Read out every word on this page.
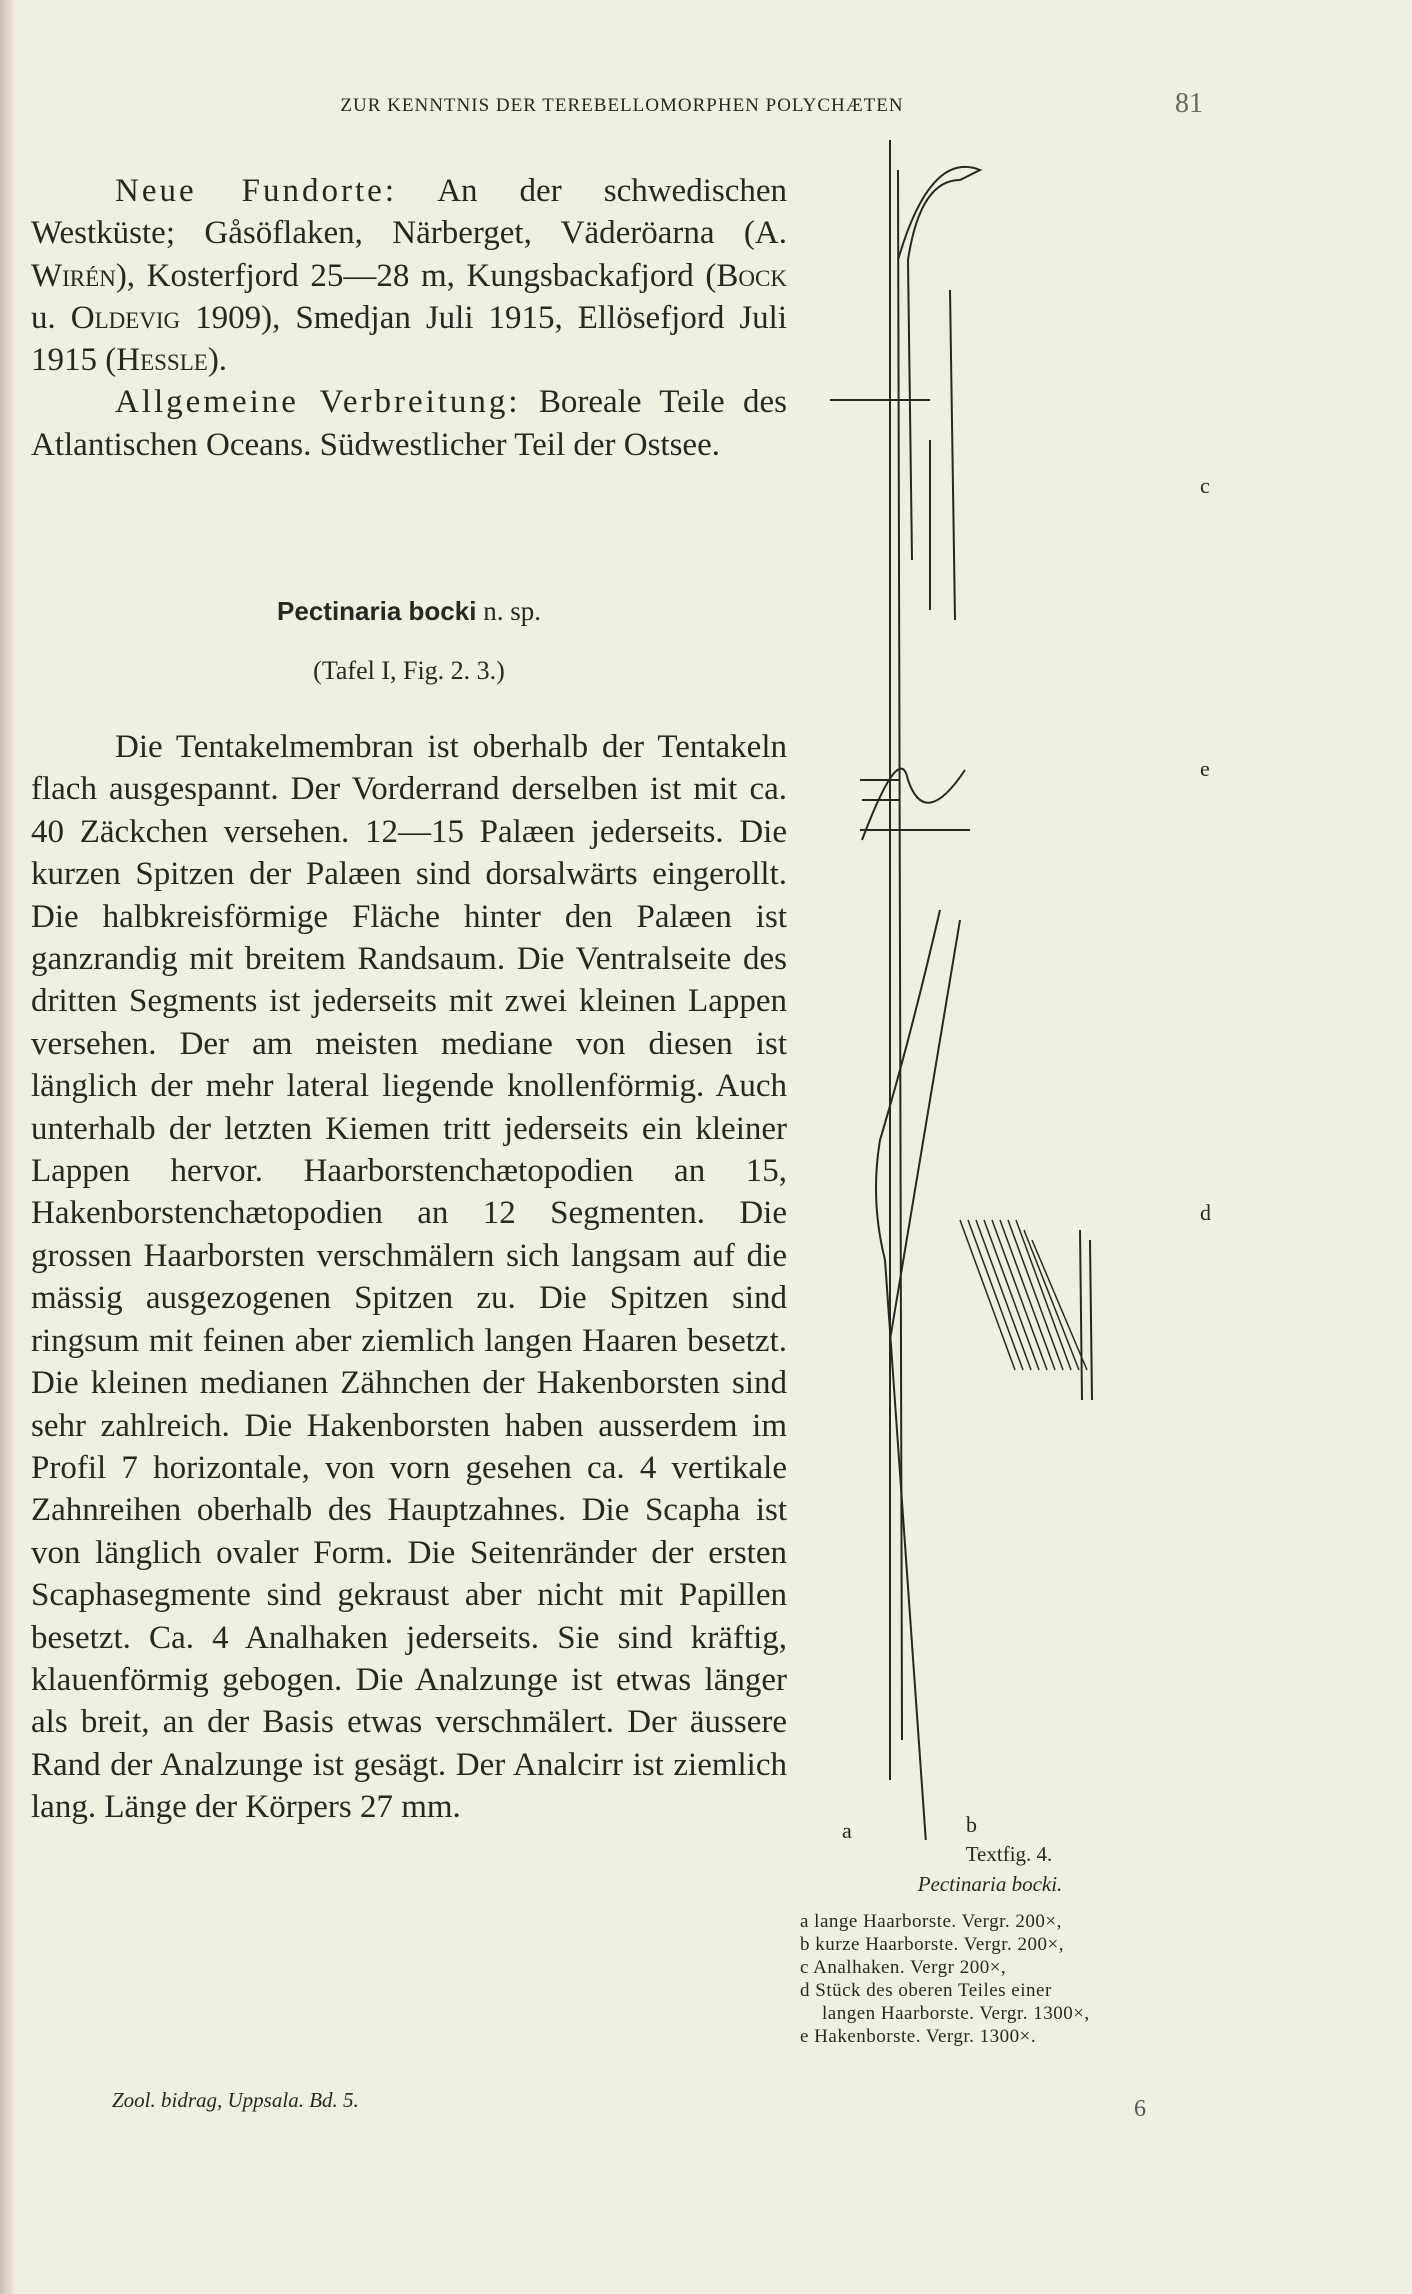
ZUR KENNTNIS DER TEREBELLOMORPHEN POLYCHÆTEN	81

Neue Fundorte: An der schwedischen Westküste; Gåsöflaken, Närberget, Väderöarna (A. Wirén), Kosterfjord 25—28 m, Kungsbackafjord (Bock u. Oldevig 1909), Smedjan Juli 1915, Ellösefjord Juli 1915 (Hessle).

Allgemeine Verbreitung: Boreale Teile des Atlantischen Oceans. Südwestlicher Teil der Ostsee.

Pectinaria bocki n. sp.
(Tafel I, Fig. 2. 3.)

Die Tentakelmembran ist oberhalb der Tentakeln flach ausgespannt. Der Vorderrand derselben ist mit ca. 40 Zäckchen versehen. 12—15 Palæen jederseits. Die kurzen Spitzen der Palæen sind dorsalwärts eingerollt. Die halbkreisförmige Fläche hinter den Palæen ist ganzrandig mit breitem Randsaum. Die Ventralseite des dritten Segments ist jederseits mit zwei kleinen Lappen versehen. Der am meisten mediane von diesen ist länglich der mehr lateral liegende knollenförmig. Auch unterhalb der letzten Kiemen tritt jederseits ein kleiner Lappen hervor. Haarborstenchætopodien an 15, Hakenborstenchætopodien an 12 Segmenten. Die grossen Haarborsten verschmälern sich langsam auf die mässig ausgezogenen Spitzen zu. Die Spitzen sind ringsum mit feinen aber ziemlich langen Haaren besetzt. Die kleinen medianen Zähnchen der Hakenborsten sind sehr zahlreich. Die Hakenborsten haben ausserdem im Profil 7 horizontale, von vorn gesehen ca. 4 vertikale Zahnreihen oberhalb des Hauptzahnes. Die Scapha ist von länglich ovaler Form. Die Seitenränder der ersten Scaphasegmente sind gekraust aber nicht mit Papillen besetzt. Ca. 4 Analhaken jederseits. Sie sind kräftig, klauenförmig gebogen. Die Analzunge ist etwas länger als breit, an der Basis etwas verschmälert. Der äussere Rand der Analzunge ist gesägt. Der Analcirr ist ziemlich lang. Länge der Körpers 27 mm.

c
e
d
a	b
Textfig. 4.
Pectinaria bocki.
a lange Haarborste. Vergr. 200×,
b kurze Haarborste. Vergr. 200×,
c Analhaken. Vergr 200×,
d Stück des oberen Teiles einer
langen Haarborste. Vergr. 1300×,
e Hakenborste. Vergr. 1300×.
Zool. bidrag, Uppsala. Bd. 5.	6
